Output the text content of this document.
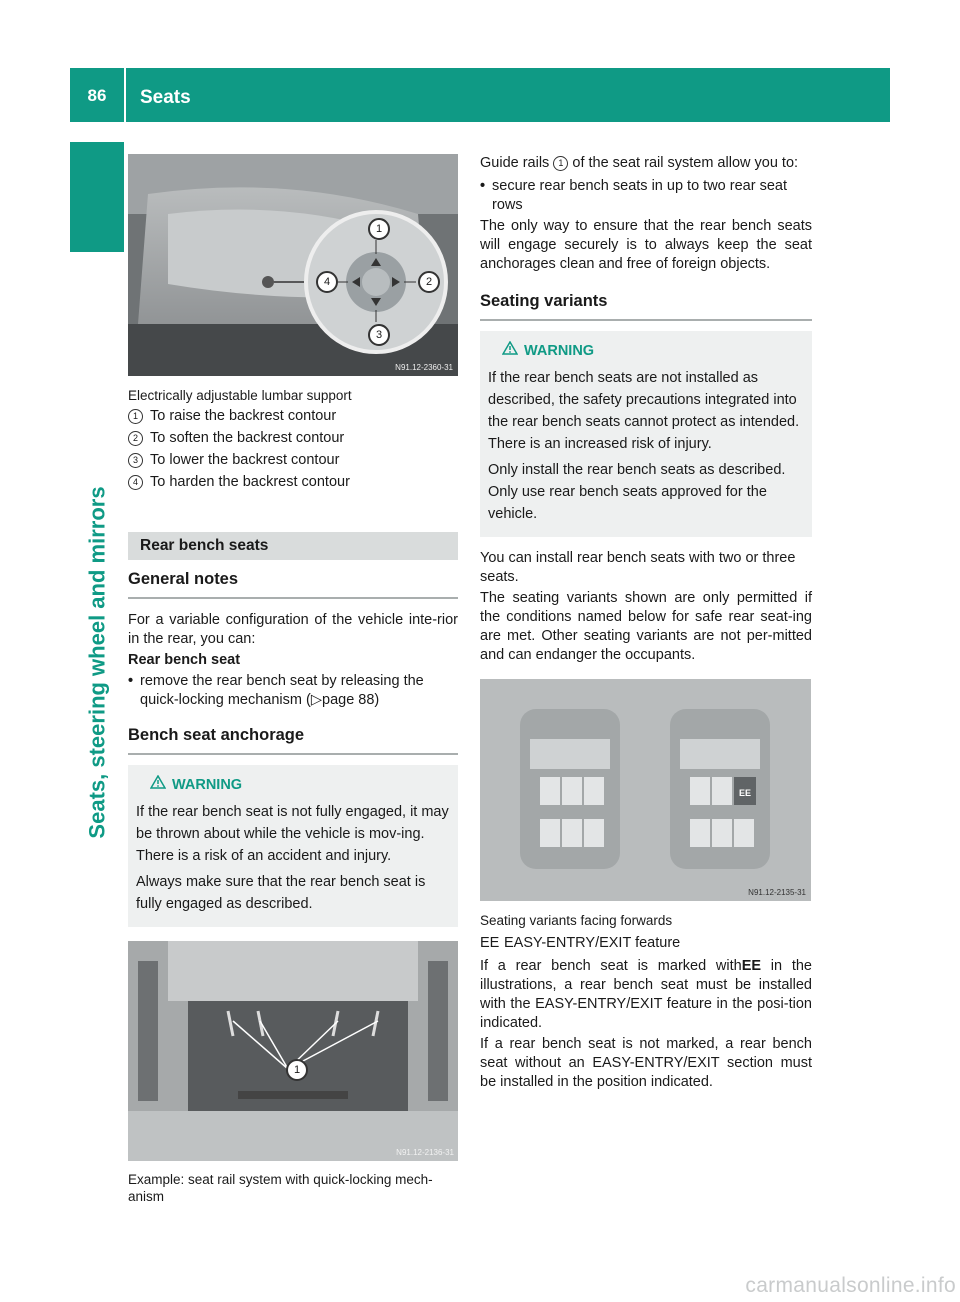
86	Seats
Seats, steering wheel and mirrors
N91.12-2360-31
1
2
3
4

Electrically adjustable lumbar support

1 To raise the backrest contour
2 To soften the backrest contour
3 To lower the backrest contour
4 To harden the backrest contour
Rear bench seats
General notes

For a variable configuration of the vehicle inte-rior in the rear, you can:

Rear bench seat

• remove the rear bench seat by releasing the quick-locking mechanism (▷page 88)
Bench seat anchorage
WARNING

If the rear bench seat is not fully engaged, it may be thrown about while the vehicle is mov-ing. There is a risk of an accident and injury.

Always make sure that the rear bench seat is fully engaged as described.

N91.12-2136-31
1

Example: seat rail system with quick-locking mech-anism

Guide rails 1 of the seat rail system allow you to:

• secure rear bench seats in up to two rear seat rows

The only way to ensure that the rear bench seats will engage securely is to always keep the seat anchorages clean and free of foreign objects.

Seating variants
WARNING

If the rear bench seats are not installed as described, the safety precautions integrated into the rear bench seats cannot protect as intended. There is an increased risk of injury.

Only install the rear bench seats as described. Only use rear bench seats approved for the vehicle.

You can install rear bench seats with two or three seats.

The seating variants shown are only permitted if the conditions named below for safe rear seat-ing are met. Other seating variants are not per-mitted and can endanger the occupants.

EE
N91.12-2135-31

Seating variants facing forwards

EE EASY-ENTRY/EXIT feature

If a rear bench seat is marked withEE in the illustrations, a rear bench seat must be installed with the EASY-ENTRY/EXIT feature in the posi-tion indicated.

If a rear bench seat is not marked, a rear bench seat without an EASY-ENTRY/EXIT section must be installed in the position indicated.

carmanualsonline.info
